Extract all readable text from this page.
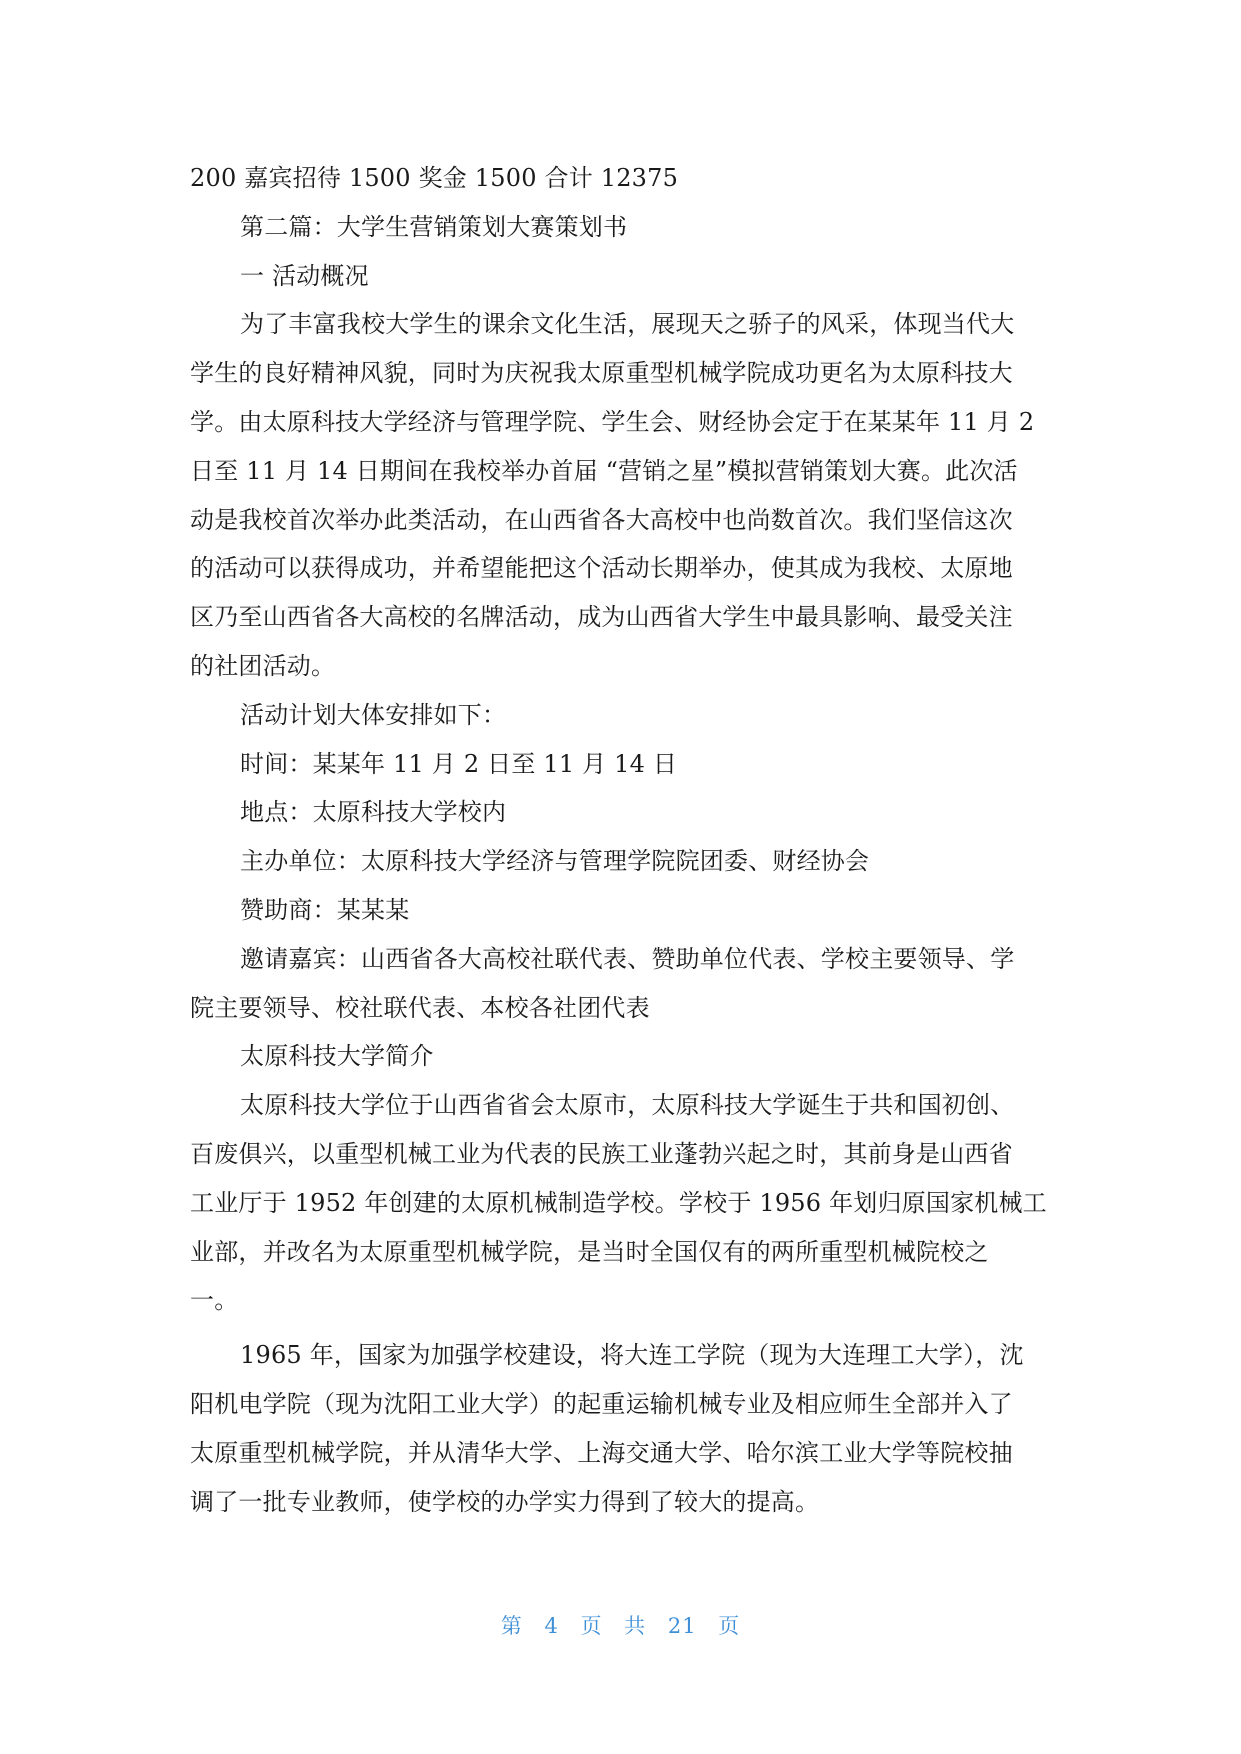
200 嘉宾招待 1500 奖金 1500 合计 12375
第二篇：大学生营销策划大赛策划书
一 活动概况
为了丰富我校大学生的课余文化生活，展现天之骄子的风采，体现当代大
学生的良好精神风貌，同时为庆祝我太原重型机械学院成功更名为太原科技大
学。由太原科技大学经济与管理学院、学生会、财经协会定于在某某年 11 月 2
日至 11 月 14 日期间在我校举办首届 “营销之星”模拟营销策划大赛。此次活
动是我校首次举办此类活动，在山西省各大高校中也尚数首次。我们坚信这次
的活动可以获得成功，并希望能把这个活动长期举办，使其成为我校、太原地
区乃至山西省各大高校的名牌活动，成为山西省大学生中最具影响、最受关注
的社团活动。
活动计划大体安排如下：
时间：某某年 11 月 2 日至 11 月 14 日
地点：太原科技大学校内
主办单位：太原科技大学经济与管理学院院团委、财经协会
赞助商：某某某
邀请嘉宾：山西省各大高校社联代表、赞助单位代表、学校主要领导、学
院主要领导、校社联代表、本校各社团代表
太原科技大学简介
太原科技大学位于山西省省会太原市，太原科技大学诞生于共和国初创、
百废俱兴，以重型机械工业为代表的民族工业蓬勃兴起之时，其前身是山西省
工业厅于 1952 年创建的太原机械制造学校。学校于 1956 年划归原国家机械工
业部，并改名为太原重型机械学院，是当时全国仅有的两所重型机械院校之
一。
1965 年，国家为加强学校建设，将大连工学院（现为大连理工大学），沈
阳机电学院（现为沈阳工业大学）的起重运输机械专业及相应师生全部并入了
太原重型机械学院，并从清华大学、上海交通大学、哈尔滨工业大学等院校抽
调了一批专业教师，使学校的办学实力得到了较大的提高。
第 4 页 共 21 页
